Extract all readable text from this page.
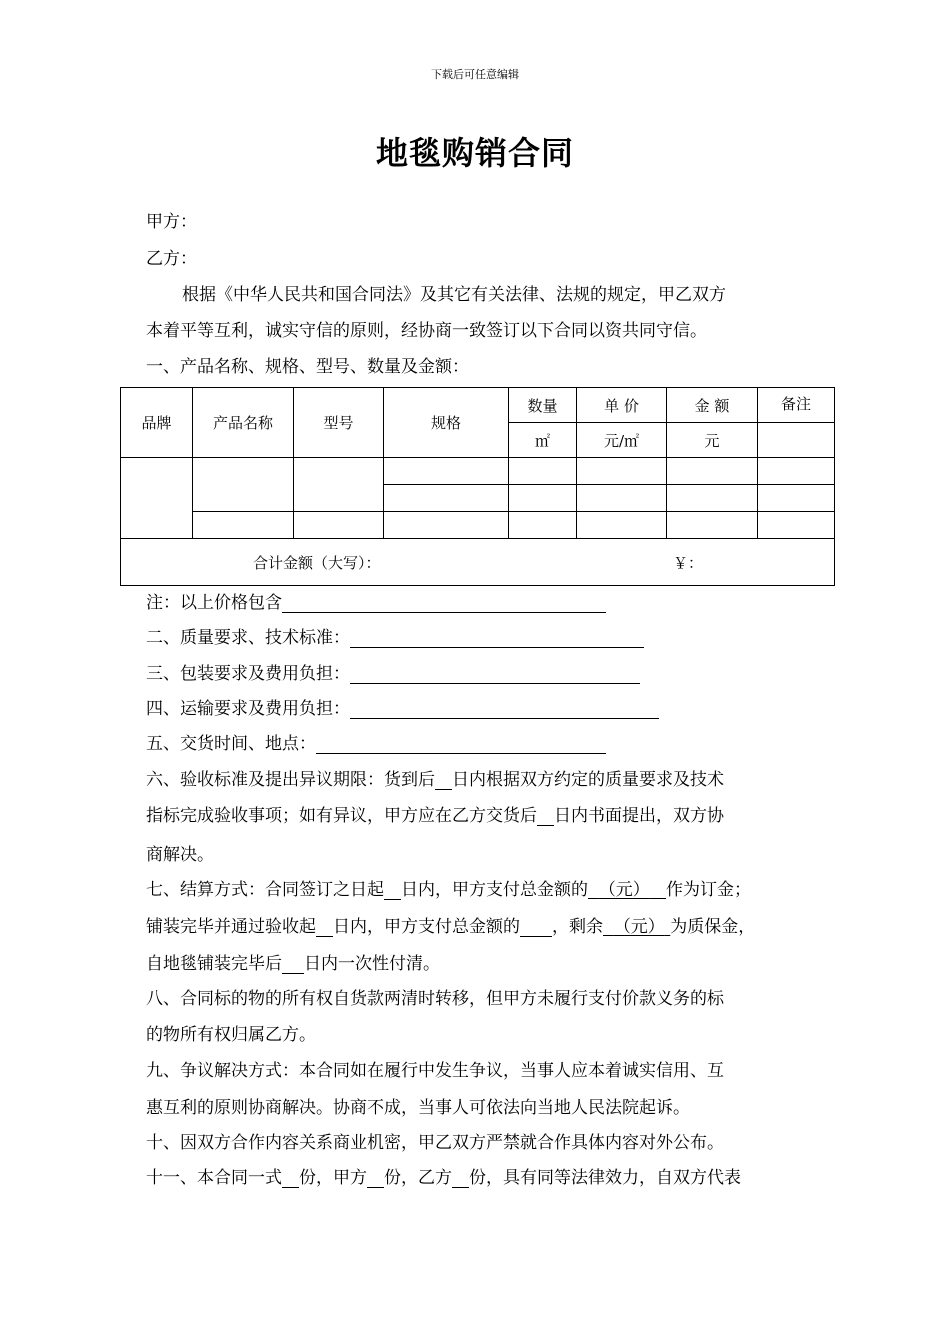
下载后可任意编辑
地毯购销合同
甲方：
乙方：
根据《中华人民共和国合同法》及其它有关法律、法规的规定，甲乙双方
本着平等互利，诚实守信的原则，经协商一致签订以下合同以资共同守信。
一、产品名称、规格、型号、数量及金额：
品牌	产品名称	型号	规格	数量	单 价	金 额	备注
				㎡	元/㎡	元	

合计金额（大写）： ￥：							
注：以上价格包含
二、质量要求、技术标准：
三、包装要求及费用负担：
四、运输要求及费用负担：
五、交货时间、地点：
六、验收标准及提出异议期限：货到后 日内根据双方约定的质量要求及技术
指标完成验收事项；如有异议，甲方应在乙方交货后 日内书面提出，双方协
商解决。
七、结算方式：合同签订之日起 日内，甲方支付总金额的 （元） 作为订金；
铺装完毕并通过验收起 日内，甲方支付总金额的 ，剩余 （元） 为质保金，
自地毯铺装完毕后 日内一次性付清。
八、合同标的物的所有权自货款两清时转移，但甲方未履行支付价款义务的标
的物所有权归属乙方。
九、争议解决方式：本合同如在履行中发生争议，当事人应本着诚实信用、互
惠互利的原则协商解决。协商不成，当事人可依法向当地人民法院起诉。
十、因双方合作内容关系商业机密，甲乙双方严禁就合作具体内容对外公布。
十一、本合同一式 份，甲方 份，乙方 份，具有同等法律效力，自双方代表
